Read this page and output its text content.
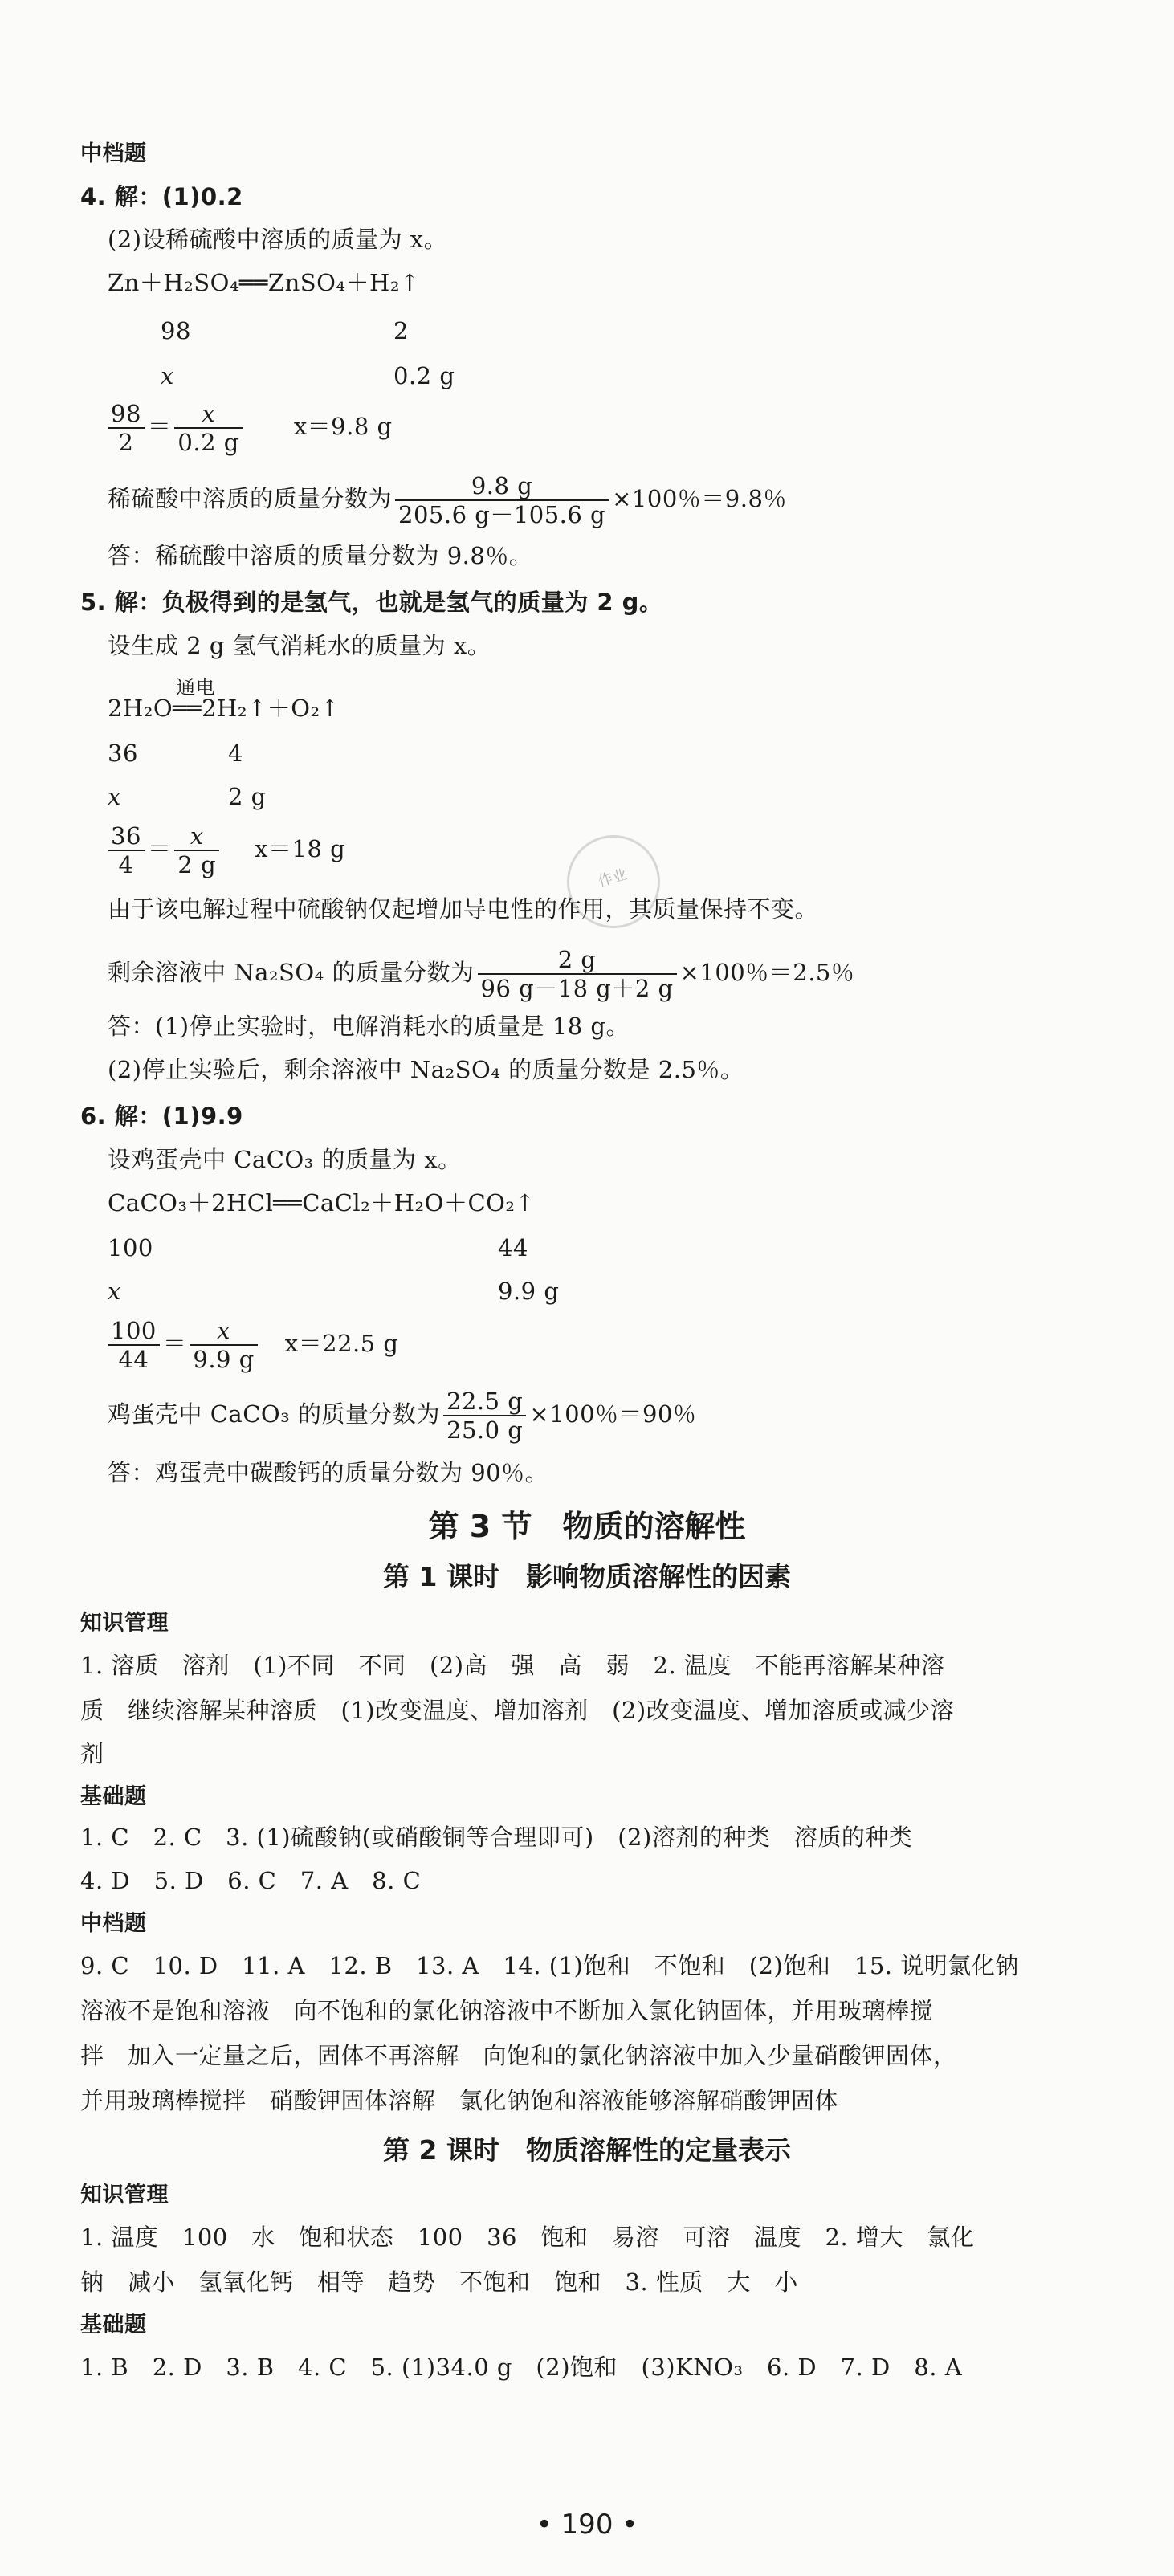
中档题
4. 解：(1)0.2
(2)设稀硫酸中溶质的质量为 x。
Zn＋H₂SO₄══ZnSO₄＋H₂↑
98	2
x	0.2 g
$\frac{98}{2} = \frac{x}{0.2 g} x=9.8$ g
稀硫酸中溶质的质量分数为 $\frac{9.8 g}{205.6 g-105.6 g} \times 100$％＝9.8％
答：稀硫酸中溶质的质量分数为 9.8％。
5. 解：负极得到的是氢气，也就是氢气的质量为 2 g。
设生成 2 g 氢气消耗水的质量为 x。
2H₂O
通电
══2H₂↑＋O₂↑
36	4
x	2 g
$\frac{36}{4} = \frac{x}{2 g} x=18$ g
由于该电解过程中硫酸钠仅起增加导电性的作用，其质量保持不变。
剩余溶液中 Na₂SO₄ 的质量分数为 $\frac{2 g}{96 g-18 g+2 g} \times 100$％＝2.5％
答：(1)停止实验时，电解消耗水的质量是 18 g。
(2)停止实验后，剩余溶液中 Na₂SO₄ 的质量分数是 2.5％。
作业
6. 解：(1)9.9
设鸡蛋壳中 CaCO₃ 的质量为 x。
CaCO₃＋2HCl══CaCl₂＋H₂O＋CO₂↑
100	44
x	9.9 g
$\frac{100}{44} = \frac{x}{9.9 g} x=22.5$ g
鸡蛋壳中 CaCO₃ 的质量分数为 $\frac{22.5 g}{25.0 g} \times 100$％＝90％
答：鸡蛋壳中碳酸钙的质量分数为 90％。
第 3 节　物质的溶解性
第 1 课时　影响物质溶解性的因素
知识管理
1. 溶质　溶剂　(1)不同　不同　(2)高　强　高　弱　2. 温度　不能再溶解某种溶
质　继续溶解某种溶质　(1)改变温度、增加溶剂　(2)改变温度、增加溶质或减少溶
剂
基础题
1. C　2. C　3. (1)硫酸钠(或硝酸铜等合理即可)　(2)溶剂的种类　溶质的种类
4. D　5. D　6. C　7. A　8. C
中档题
9. C　10. D　11. A　12. B　13. A　14. (1)饱和　不饱和　(2)饱和　15. 说明氯化钠
溶液不是饱和溶液　向不饱和的氯化钠溶液中不断加入氯化钠固体，并用玻璃棒搅
拌　加入一定量之后，固体不再溶解　向饱和的氯化钠溶液中加入少量硝酸钾固体，
并用玻璃棒搅拌　硝酸钾固体溶解　氯化钠饱和溶液能够溶解硝酸钾固体
第 2 课时　物质溶解性的定量表示
知识管理
1. 温度　100　水　饱和状态　100　36　饱和　易溶　可溶　温度　2. 增大　氯化
钠　减小　氢氧化钙　相等　趋势　不饱和　饱和　3. 性质　大　小
基础题
1. B　2. D　3. B　4. C　5. (1)34.0 g　(2)饱和　(3)KNO₃　6. D　7. D　8. A
• 190 •
